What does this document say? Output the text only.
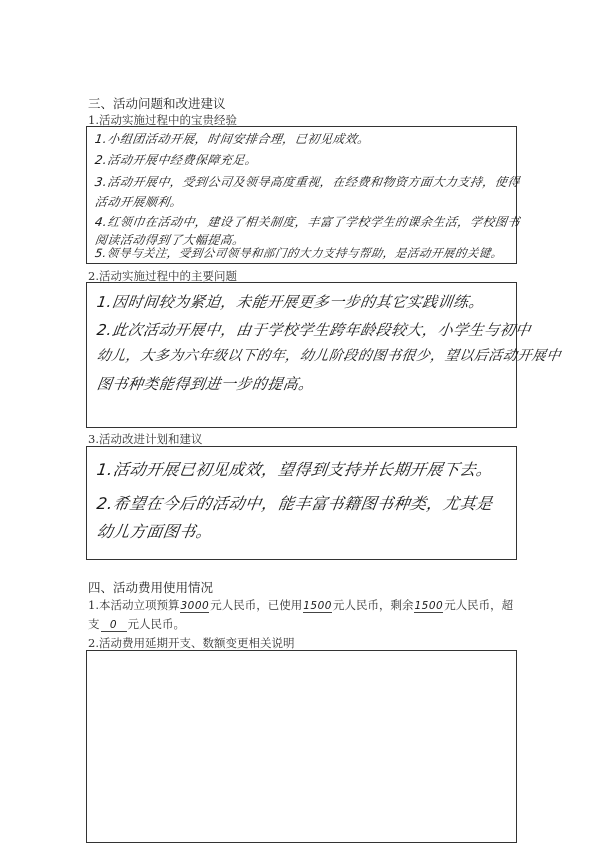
三、活动问题和改进建议
1.活动实施过程中的宝贵经验
1.小组团活动开展，时间安排合理，已初见成效。
2.活动开展中经费保障充足。
3.活动开展中，受到公司及领导高度重视，在经费和物资方面大力支持，使得
活动开展顺利。
4.红领巾在活动中，建设了相关制度，丰富了学校学生的课余生活，学校图书
阅读活动得到了大幅提高。
5.领导与关注，受到公司领导和部门的大力支持与帮助，是活动开展的关键。
2.活动实施过程中的主要问题
1.因时间较为紧迫，未能开展更多一步的其它实践训练。
2.此次活动开展中，由于学校学生跨年龄段较大，小学生与初中
幼儿，大多为六年级以下的年，幼儿阶段的图书很少，望以后活动开展中
图书种类能得到进一步的提高。
3.活动改进计划和建议
1.活动开展已初见成效，望得到支持并长期开展下去。
2.希望在今后的活动中，能丰富书籍图书种类，尤其是
幼儿方面图书。
四、活动费用使用情况
1.本活动立项预算3000元人民币，已使用1500元人民币，剩余1500元人民币，超
支 0 元人民币。
2.活动费用延期开支、数额变更相关说明
